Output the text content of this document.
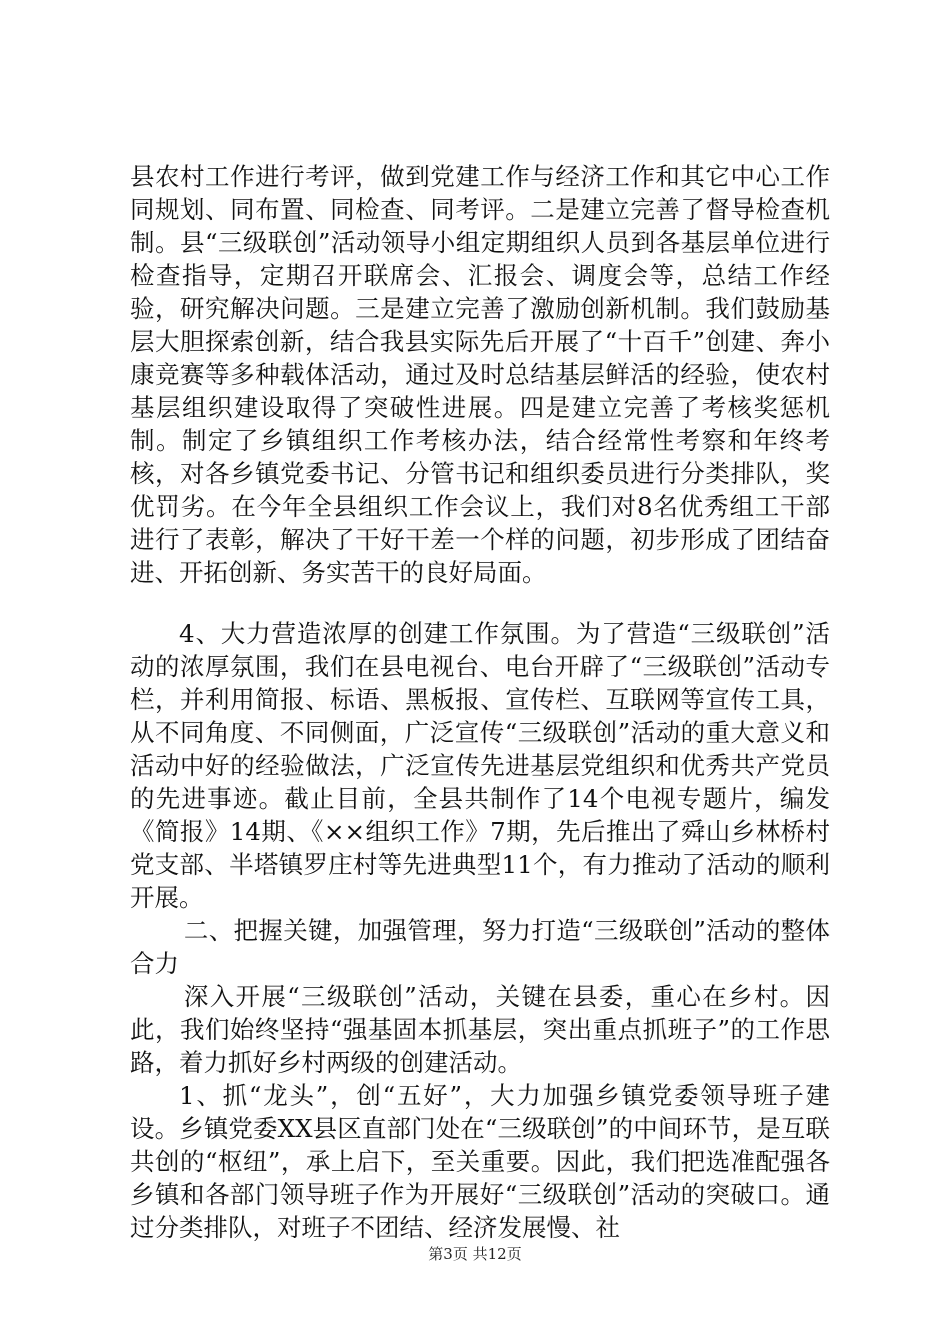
县农村工作进行考评，做到党建工作与经济工作和其它中心工作同规划、同布置、同检查、同考评。二是建立完善了督导检查机制。县“三级联创”活动领导小组定期组织人员到各基层单位进行检查指导，定期召开联席会、汇报会、调度会等，总结工作经验，研究解决问题。三是建立完善了激励创新机制。我们鼓励基层大胆探索创新，结合我县实际先后开展了“十百千”创建、奔小康竞赛等多种载体活动，通过及时总结基层鲜活的经验，使农村基层组织建设取得了突破性进展。四是建立完善了考核奖惩机制。制定了乡镇组织工作考核办法，结合经常性考察和年终考核，对各乡镇党委书记、分管书记和组织委员进行分类排队，奖优罚劣。在今年全县组织工作会议上，我们对8名优秀组工干部进行了表彰，解决了干好干差一个样的问题，初步形成了团结奋进、开拓创新、务实苦干的良好局面。

4、大力营造浓厚的创建工作氛围。为了营造“三级联创”活动的浓厚氛围，我们在县电视台、电台开辟了“三级联创”活动专栏，并利用简报、标语、黑板报、宣传栏、互联网等宣传工具，从不同角度、不同侧面，广泛宣传“三级联创”活动的重大意义和活动中好的经验做法，广泛宣传先进基层党组织和优秀共产党员的先进事迹。截止目前，全县共制作了14个电视专题片，编发《简报》14期、《××组织工作》7期，先后推出了舜山乡林桥村党支部、半塔镇罗庄村等先进典型11个，有力推动了活动的顺利开展。

二、把握关键，加强管理，努力打造“三级联创”活动的整体合力

深入开展“三级联创”活动，关键在县委，重心在乡村。因此，我们始终坚持“强基固本抓基层，突出重点抓班子”的工作思路，着力抓好乡村两级的创建活动。

1、抓“龙头”，创“五好”，大力加强乡镇党委领导班子建设。乡镇党委XX县区直部门处在“三级联创”的中间环节，是互联共创的“枢纽”，承上启下，至关重要。因此，我们把选准配强各乡镇和各部门领导班子作为开展好“三级联创”活动的突破口。通过分类排队，对班子不团结、经济发展慢、社

第3页 共12页
